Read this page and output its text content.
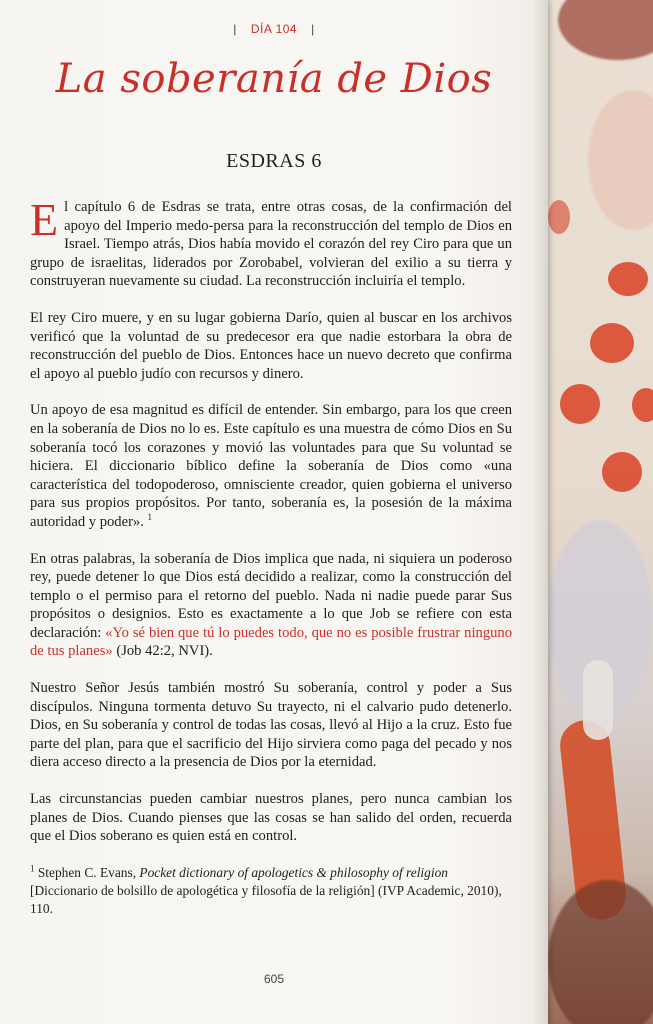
| DÍA 104 |
La soberanía de Dios
ESDRAS 6

El capítulo 6 de Esdras se trata, entre otras cosas, de la confirmación del apoyo del Imperio medo-persa para la reconstrucción del templo de Dios en Israel. Tiempo atrás, Dios había movido el corazón del rey Ciro para que un grupo de israelitas, liderados por Zorobabel, volvieran del exilio a su tierra y construyeran nuevamente su ciudad. La reconstrucción incluiría el templo.

El rey Ciro muere, y en su lugar gobierna Darío, quien al buscar en los archivos verificó que la voluntad de su predecesor era que nadie estorbara la obra de reconstrucción del pueblo de Dios. Entonces hace un nuevo decreto que confirma el apoyo al pueblo judío con recursos y dinero.

Un apoyo de esa magnitud es difícil de entender. Sin embargo, para los que creen en la soberanía de Dios no lo es. Este capítulo es una muestra de cómo Dios en Su soberanía tocó los corazones y movió las voluntades para que Su voluntad se hiciera. El diccionario bíblico define la soberanía de Dios como «una característica del todopoderoso, omnisciente creador, quien gobierna el universo para sus propios propósitos. Por tanto, soberanía es, la posesión de la máxima autoridad y poder». $^1$

En otras palabras, la soberanía de Dios implica que nada, ni siquiera un poderoso rey, puede detener lo que Dios está decidido a realizar, como la construcción del templo o el permiso para el retorno del pueblo. Nada ni nadie puede parar Sus propósitos o designios. Esto es exactamente a lo que Job se refiere con esta declaración: «Yo sé bien que tú lo puedes todo, que no es posible frustrar ninguno de tus planes» (Job 42:2, NVI).

Nuestro Señor Jesús también mostró Su soberanía, control y poder a Sus discípulos. Ninguna tormenta detuvo Su trayecto, ni el calvario pudo detenerlo. Dios, en Su soberanía y control de todas las cosas, llevó al Hijo a la cruz. Esto fue parte del plan, para que el sacrificio del Hijo sirviera como paga del pecado y nos diera acceso directo a la presencia de Dios por la eternidad.

Las circunstancias pueden cambiar nuestros planes, pero nunca cambian los planes de Dios. Cuando pienses que las cosas se han salido del orden, recuerda que el Dios soberano es quien está en control.

$^1$ Stephen C. Evans, Pocket dictionary of apologetics & philosophy of religion [Diccionario de bolsillo de apologética y filosofía de la religión] (IVP Academic, 2010), 110.
605
